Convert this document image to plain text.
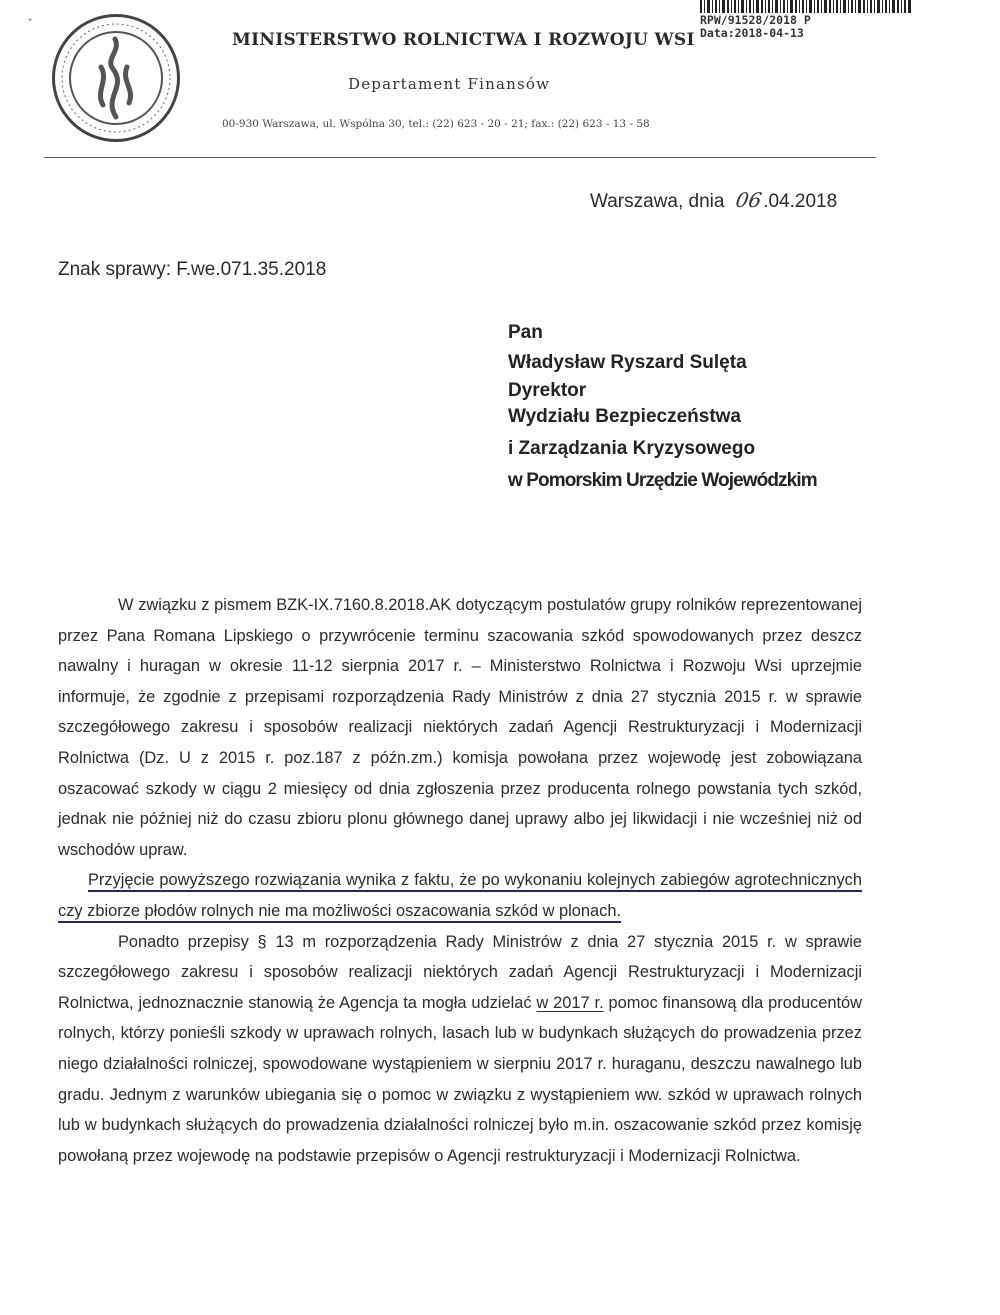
"
MINISTERSTWO ROLNICTWA I ROZWOJU WSI
Departament Finansów
00-930 Warszawa, ul. Wspólna 30, tel.: (22) 623 - 20 - 21; fax.: (22) 623 - 13 - 58
RPW/91528/2018 P
Data:2018-04-13
Warszawa, dnia 06.04.2018
Znak sprawy: F.we.071.35.2018
Pan
Władysław Ryszard Sulęta
Dyrektor
Wydziału Bezpieczeństwa
i Zarządzania Kryzysowego
w Pomorskim Urzędzie Wojewódzkim

W związku z pismem BZK-IX.7160.8.2018.AK dotyczącym postulatów grupy rolników reprezentowanej przez Pana Romana Lipskiego o przywrócenie terminu szacowania szkód spowodowanych przez deszcz nawalny i huragan w okresie 11-12 sierpnia 2017 r. – Ministerstwo Rolnictwa i Rozwoju Wsi uprzejmie informuje, że zgodnie z przepisami rozporządzenia Rady Ministrów z dnia 27 stycznia 2015 r. w sprawie szczegółowego zakresu i sposobów realizacji niektórych zadań Agencji Restrukturyzacji i Modernizacji Rolnictwa (Dz. U z 2015 r. poz.187 z późn.zm.) komisja powołana przez wojewodę jest zobowiązana oszacować szkody w ciągu 2 miesięcy od dnia zgłoszenia przez producenta rolnego powstania tych szkód, jednak nie później niż do czasu zbioru plonu głównego danej uprawy albo jej likwidacji i nie wcześniej niż od wschodów upraw.

Przyjęcie powyższego rozwiązania wynika z faktu, że po wykonaniu kolejnych zabiegów agrotechnicznych czy zbiorze płodów rolnych nie ma możliwości oszacowania szkód w plonach.

Ponadto przepisy § 13 m rozporządzenia Rady Ministrów z dnia 27 stycznia 2015 r. w sprawie szczegółowego zakresu i sposobów realizacji niektórych zadań Agencji Restrukturyzacji i Modernizacji Rolnictwa, jednoznacznie stanowią że Agencja ta mogła udzielać w 2017 r. pomoc finansową dla producentów rolnych, którzy ponieśli szkody w uprawach rolnych, lasach lub w budynkach służących do prowadzenia przez niego działalności rolniczej, spowodowane wystąpieniem w sierpniu 2017 r. huraganu, deszczu nawalnego lub gradu. Jednym z warunków ubiegania się o pomoc w związku z wystąpieniem ww. szkód w uprawach rolnych lub w budynkach służących do prowadzenia działalności rolniczej było m.in. oszacowanie szkód przez komisję powołaną przez wojewodę na podstawie przepisów o Agencji restrukturyzacji i Modernizacji Rolnictwa.
